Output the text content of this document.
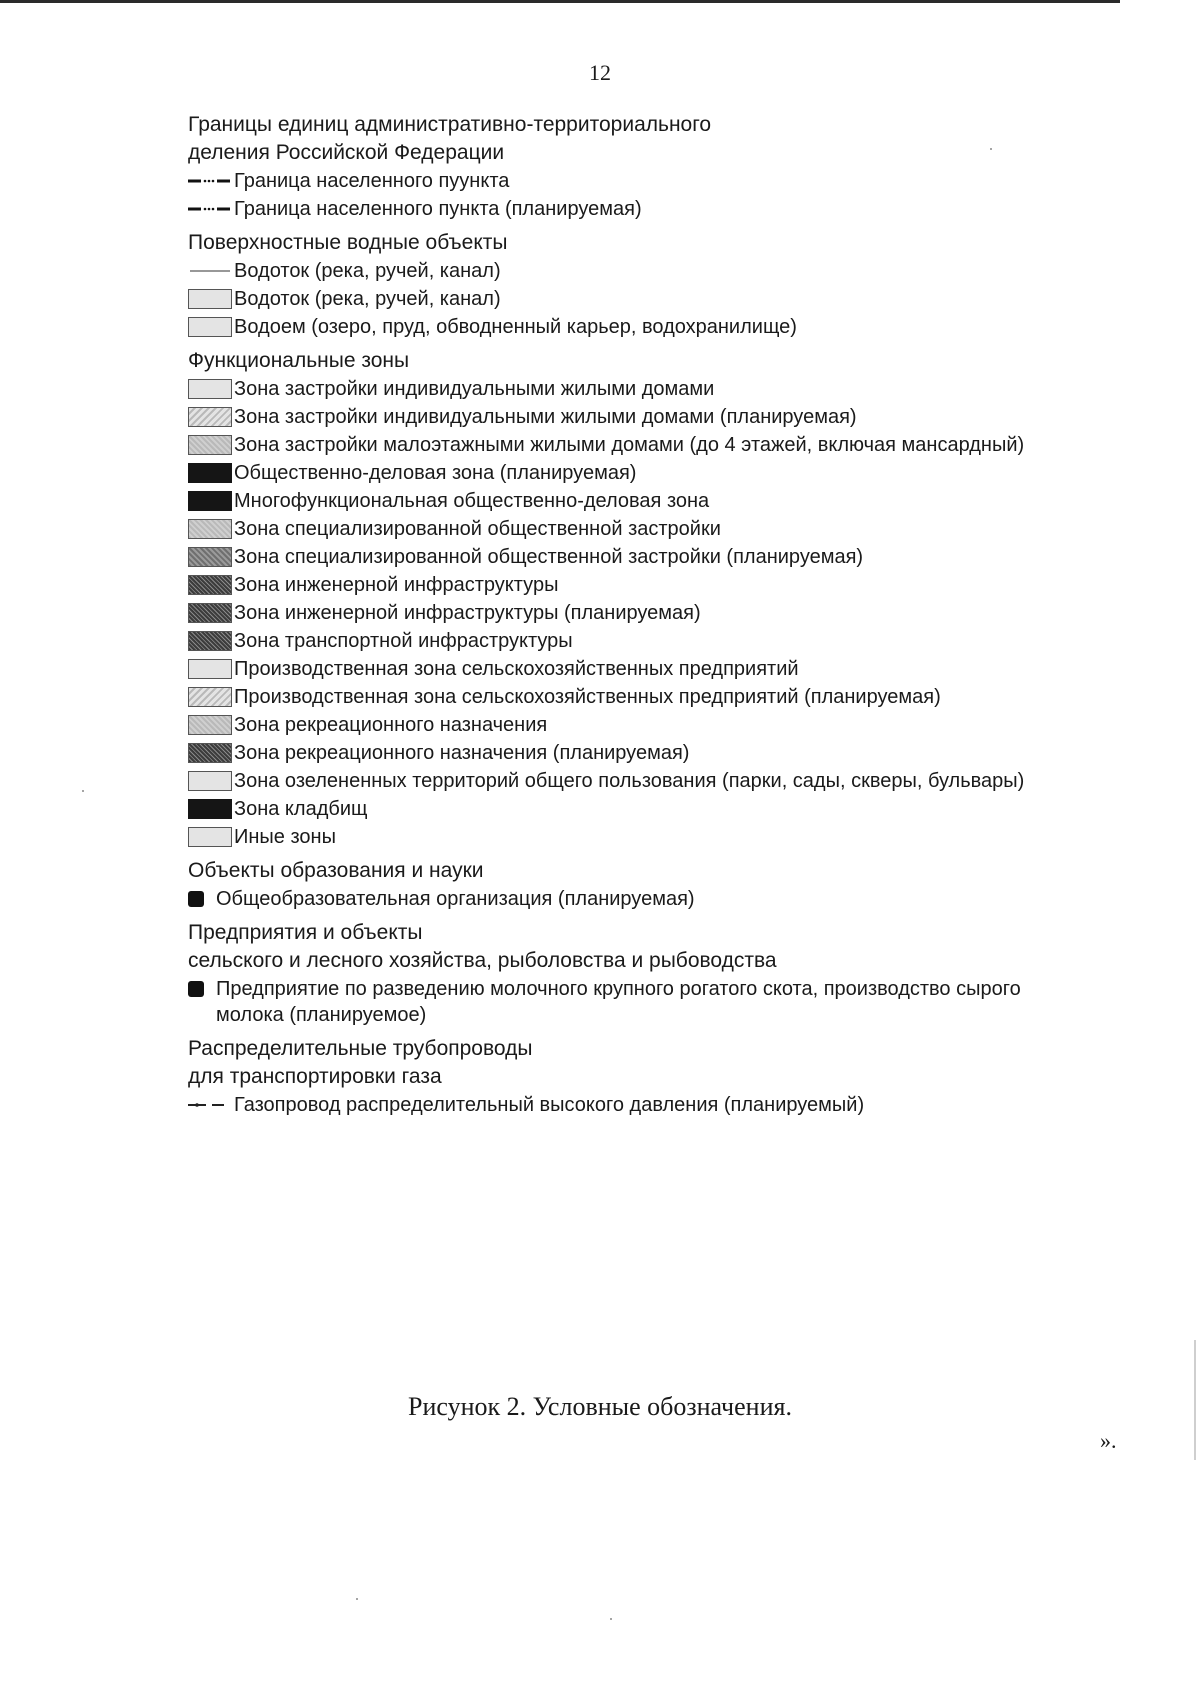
12
Границы единиц административно-территориального
деления Российской Федерации
Граница населенного пуункта
Граница населенного пункта (планируемая)
Поверхностные водные объекты
Водоток (река, ручей, канал)
Водоток (река, ручей, канал)
Водоем (озеро, пруд, обводненный карьер, водохранилище)
Функциональные зоны
Зона застройки индивидуальными жилыми домами
Зона застройки индивидуальными жилыми домами (планируемая)
Зона застройки малоэтажными жилыми домами (до 4 этажей, включая мансардный)
Общественно-деловая зона (планируемая)
Многофункциональная общественно-деловая зона
Зона специализированной общественной застройки
Зона специализированной общественной застройки (планируемая)
Зона инженерной инфраструктуры
Зона инженерной инфраструктуры (планируемая)
Зона транспортной инфраструктуры
Производственная зона сельскохозяйственных предприятий
Производственная зона сельскохозяйственных предприятий (планируемая)
Зона рекреационного назначения
Зона рекреационного назначения (планируемая)
Зона озелененных территорий общего пользования (парки, сады, скверы, бульвары)
Зона кладбищ
Иные зоны
Объекты образования и науки
Общеобразовательная организация (планируемая)
Предприятия и объекты
сельского и лесного хозяйства, рыболовства и рыбоводства
Предприятие по разведению молочного крупного рогатого скота, производство сырого молока (планируемое)
Распределительные трубопроводы
для транспортировки газа
Газопровод распределительный высокого давления (планируемый)
Рисунок 2. Условные обозначения.
».
